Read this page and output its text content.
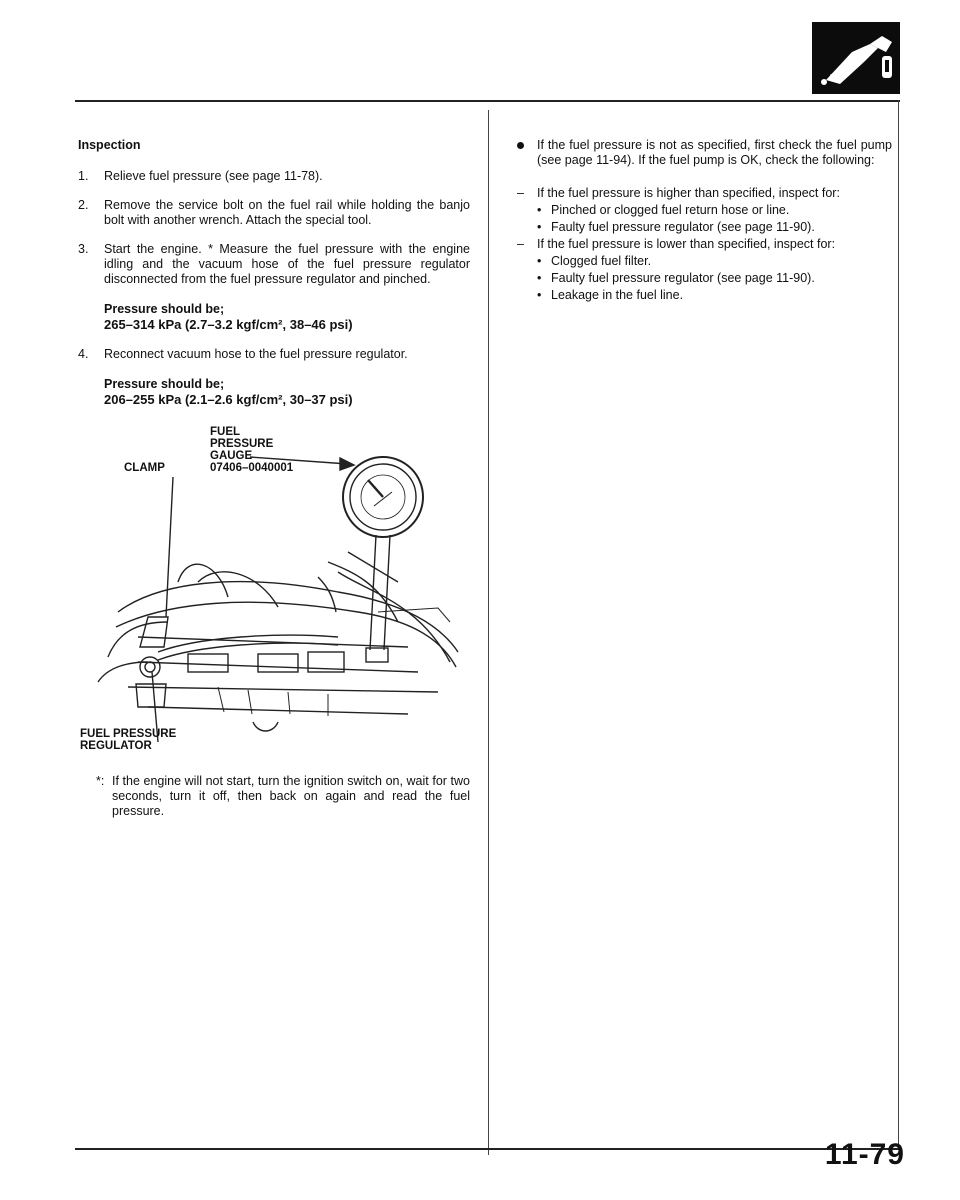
Inspection
1. Relieve fuel pressure (see page 11-78).
2. Remove the service bolt on the fuel rail while holding the banjo bolt with another wrench. Attach the special tool.
3. Start the engine. * Measure the fuel pressure with the engine idling and the vacuum hose of the fuel pressure regulator disconnected from the fuel pressure regulator and pinched.
Pressure should be;
265–314 kPa (2.7–3.2 kgf/cm², 38–46 psi)
4. Reconnect vacuum hose to the fuel pressure regulator.
Pressure should be;
206–255 kPa (2.1–2.6 kgf/cm², 30–37 psi)
CLAMP
FUEL
PRESSURE
GAUGE
07406–0040001
FUEL PRESSURE
REGULATOR
*: If the engine will not start, turn the ignition switch on, wait for two seconds, turn it off, then back on again and read the fuel pressure.
If the fuel pressure is not as specified, first check the fuel pump (see page 11-94). If the fuel pump is OK, check the following:
– If the fuel pressure is higher than specified, inspect for:
• Pinched or clogged fuel return hose or line.
• Faulty fuel pressure regulator (see page 11-90).
– If the fuel pressure is lower than specified, inspect for:
• Clogged fuel filter.
• Faulty fuel pressure regulator (see page 11-90).
• Leakage in the fuel line.
11-79
